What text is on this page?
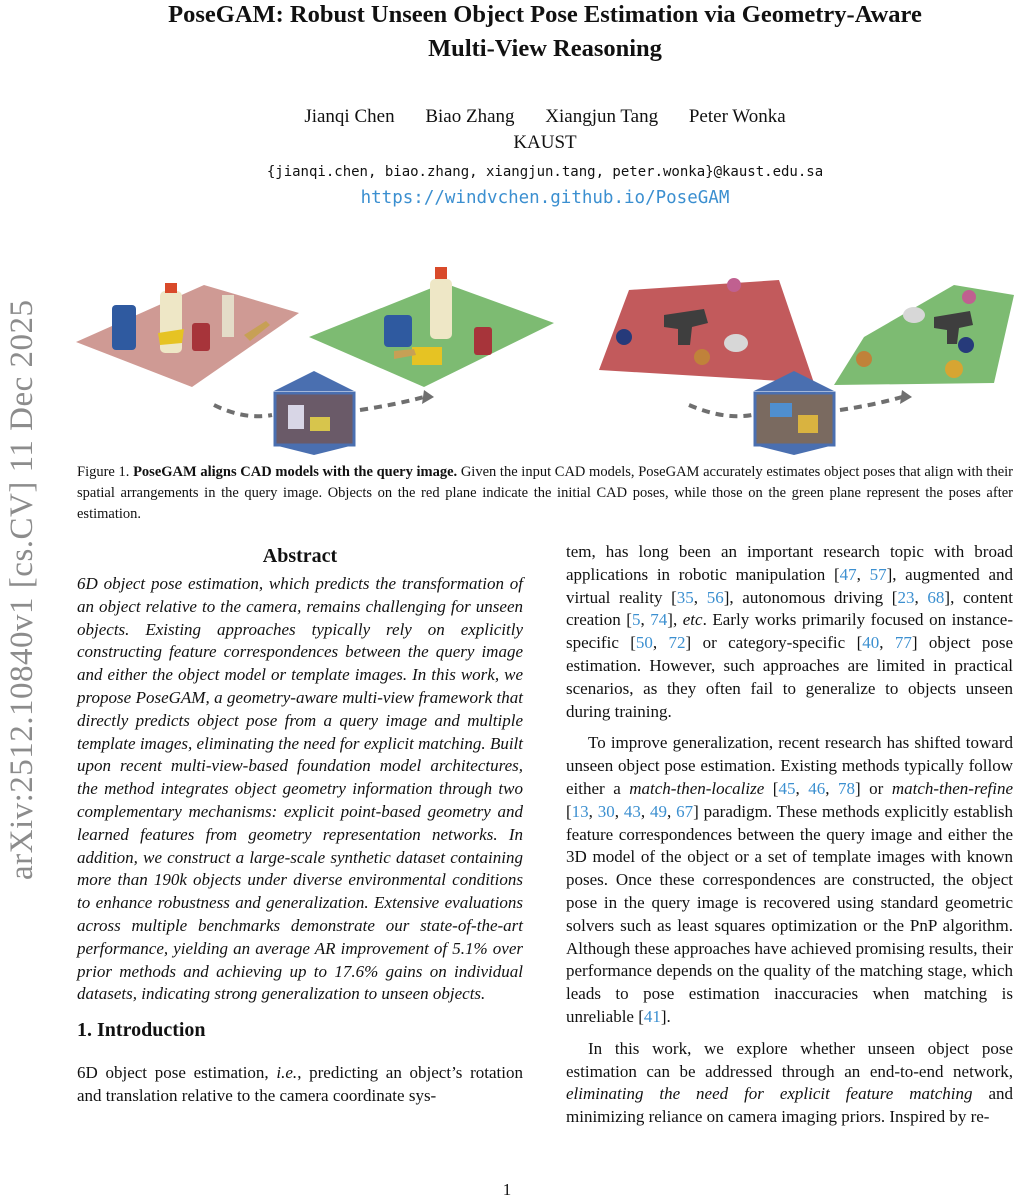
arXiv:2512.10840v1 [cs.CV] 11 Dec 2025
PoseGAM: Robust Unseen Object Pose Estimation via Geometry-Aware
Multi-View Reasoning
Jianqi Chen Biao Zhang Xiangjun Tang Peter Wonka
KAUST
{jianqi.chen, biao.zhang, xiangjun.tang, peter.wonka}@kaust.edu.sa
https://windvchen.github.io/PoseGAM
Figure 1. PoseGAM aligns CAD models with the query image. Given the input CAD models, PoseGAM accurately estimates object poses that align with their spatial arrangements in the query image. Objects on the red plane indicate the initial CAD poses, while those on the green plane represent the poses after estimation.
Abstract

6D object pose estimation, which predicts the transformation of an object relative to the camera, remains challenging for unseen objects. Existing approaches typically rely on explicitly constructing feature correspondences between the query image and either the object model or template images. In this work, we propose PoseGAM, a geometry-aware multi-view framework that directly predicts object pose from a query image and multiple template images, eliminating the need for explicit matching. Built upon recent multi-view-based foundation model architectures, the method integrates object geometry information through two complementary mechanisms: explicit point-based geometry and learned features from geometry representation networks. In addition, we construct a large-scale synthetic dataset containing more than 190k objects under diverse environmental conditions to enhance robustness and generalization. Extensive evaluations across multiple benchmarks demonstrate our state-of-the-art performance, yielding an average AR improvement of 5.1% over prior methods and achieving up to 17.6% gains on individual datasets, indicating strong generalization to unseen objects.

1. Introduction

6D object pose estimation, i.e., predicting an object’s rotation and translation relative to the camera coordinate sys-

tem, has long been an important research topic with broad applications in robotic manipulation [47, 57], augmented and virtual reality [35, 56], autonomous driving [23, 68], content creation [5, 74], etc. Early works primarily focused on instance-specific [50, 72] or category-specific [40, 77] object pose estimation. However, such approaches are limited in practical scenarios, as they often fail to generalize to objects unseen during training.

To improve generalization, recent research has shifted toward unseen object pose estimation. Existing methods typically follow either a match-then-localize [45, 46, 78] or match-then-refine [13, 30, 43, 49, 67] paradigm. These methods explicitly establish feature correspondences between the query image and either the 3D model of the object or a set of template images with known poses. Once these correspondences are constructed, the object pose in the query image is recovered using standard geometric solvers such as least squares optimization or the PnP algorithm. Although these approaches have achieved promising results, their performance depends on the quality of the matching stage, which leads to pose estimation inaccuracies when matching is unreliable [41].

In this work, we explore whether unseen object pose estimation can be addressed through an end-to-end network, eliminating the need for explicit feature matching and minimizing reliance on camera imaging priors. Inspired by re-

1
